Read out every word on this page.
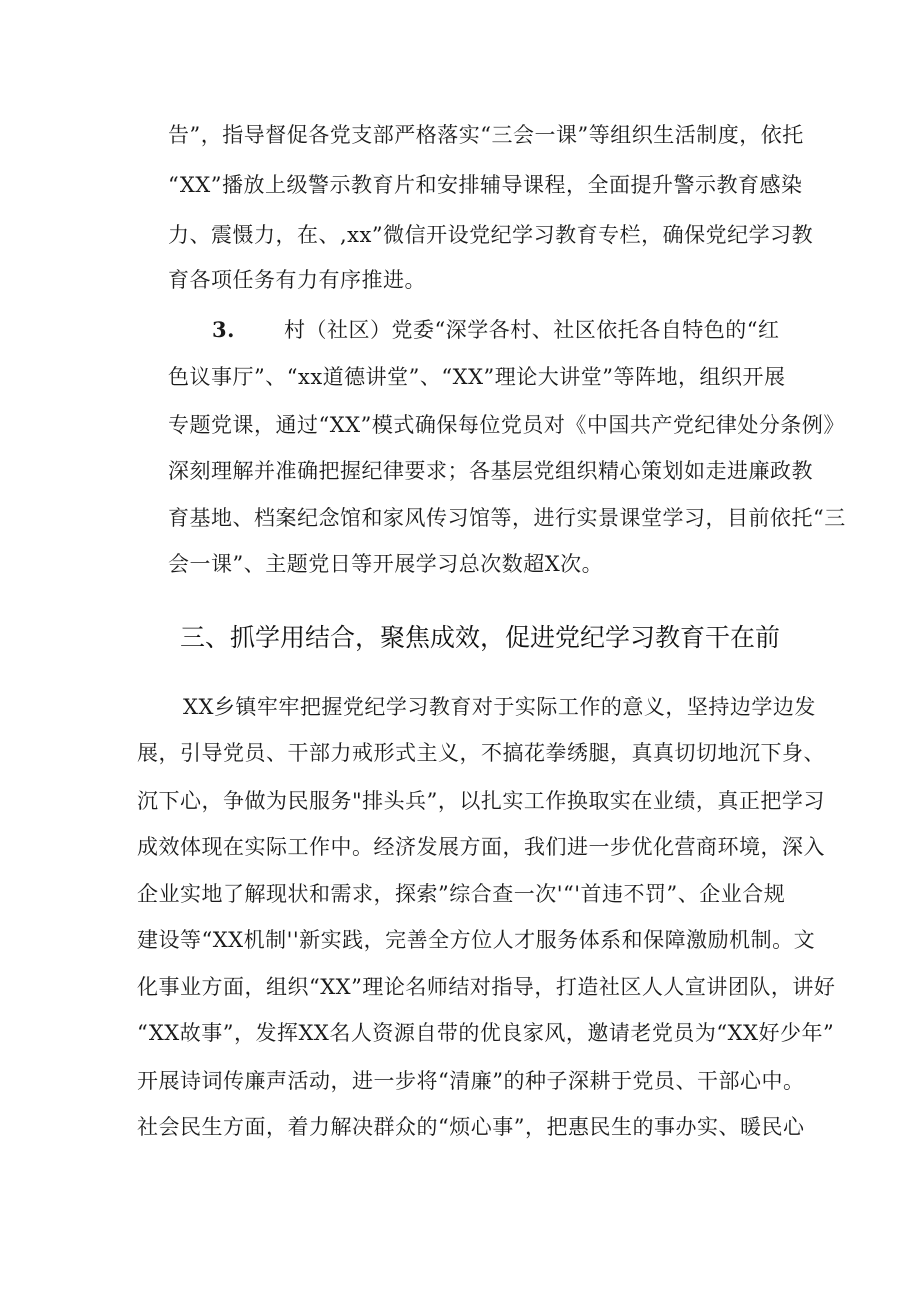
告”，指导督促各党支部严格落实“三会一课”等组织生活制度，依托
“XX”播放上级警示教育片和安排辅导课程，全面提升警示教育感染
力、震慑力，在、,xx”微信开设党纪学习教育专栏，确保党纪学习教
育各项任务有力有序推进。
3. 村（社区）党委“深学各村、社区依托各自特色的“红
色议事厅”、“xx道德讲堂”、“XX”理论大讲堂”等阵地，组织开展
专题党课，通过“XX”模式确保每位党员对《中国共产党纪律处分条例》
深刻理解并准确把握纪律要求；各基层党组织精心策划如走进廉政教
育基地、档案纪念馆和家风传习馆等，进行实景课堂学习，目前依托“三
会一课”、主题党日等开展学习总次数超X次。
三、抓学用结合，聚焦成效，促进党纪学习教育干在前
XX乡镇牢牢把握党纪学习教育对于实际工作的意义，坚持边学边发
展，引导党员、干部力戒形式主义，不搞花拳绣腿，真真切切地沉下身、
沉下心，争做为民服务"排头兵”，以扎实工作换取实在业绩，真正把学习
成效体现在实际工作中。经济发展方面，我们进一步优化营商环境，深入
企业实地了解现状和需求，探索”综合查一次'“'首违不罚”、企业合规
建设等“XX机制''新实践，完善全方位人才服务体系和保障激励机制。文
化事业方面，组织“XX”理论名师结对指导，打造社区人人宣讲团队，讲好
“XX故事”，发挥XX名人资源自带的优良家风，邀请老党员为“XX好少年”
开展诗词传廉声活动，进一步将“清廉”的种子深耕于党员、干部心中。
社会民生方面，着力解决群众的“烦心事”，把惠民生的事办实、暖民心
